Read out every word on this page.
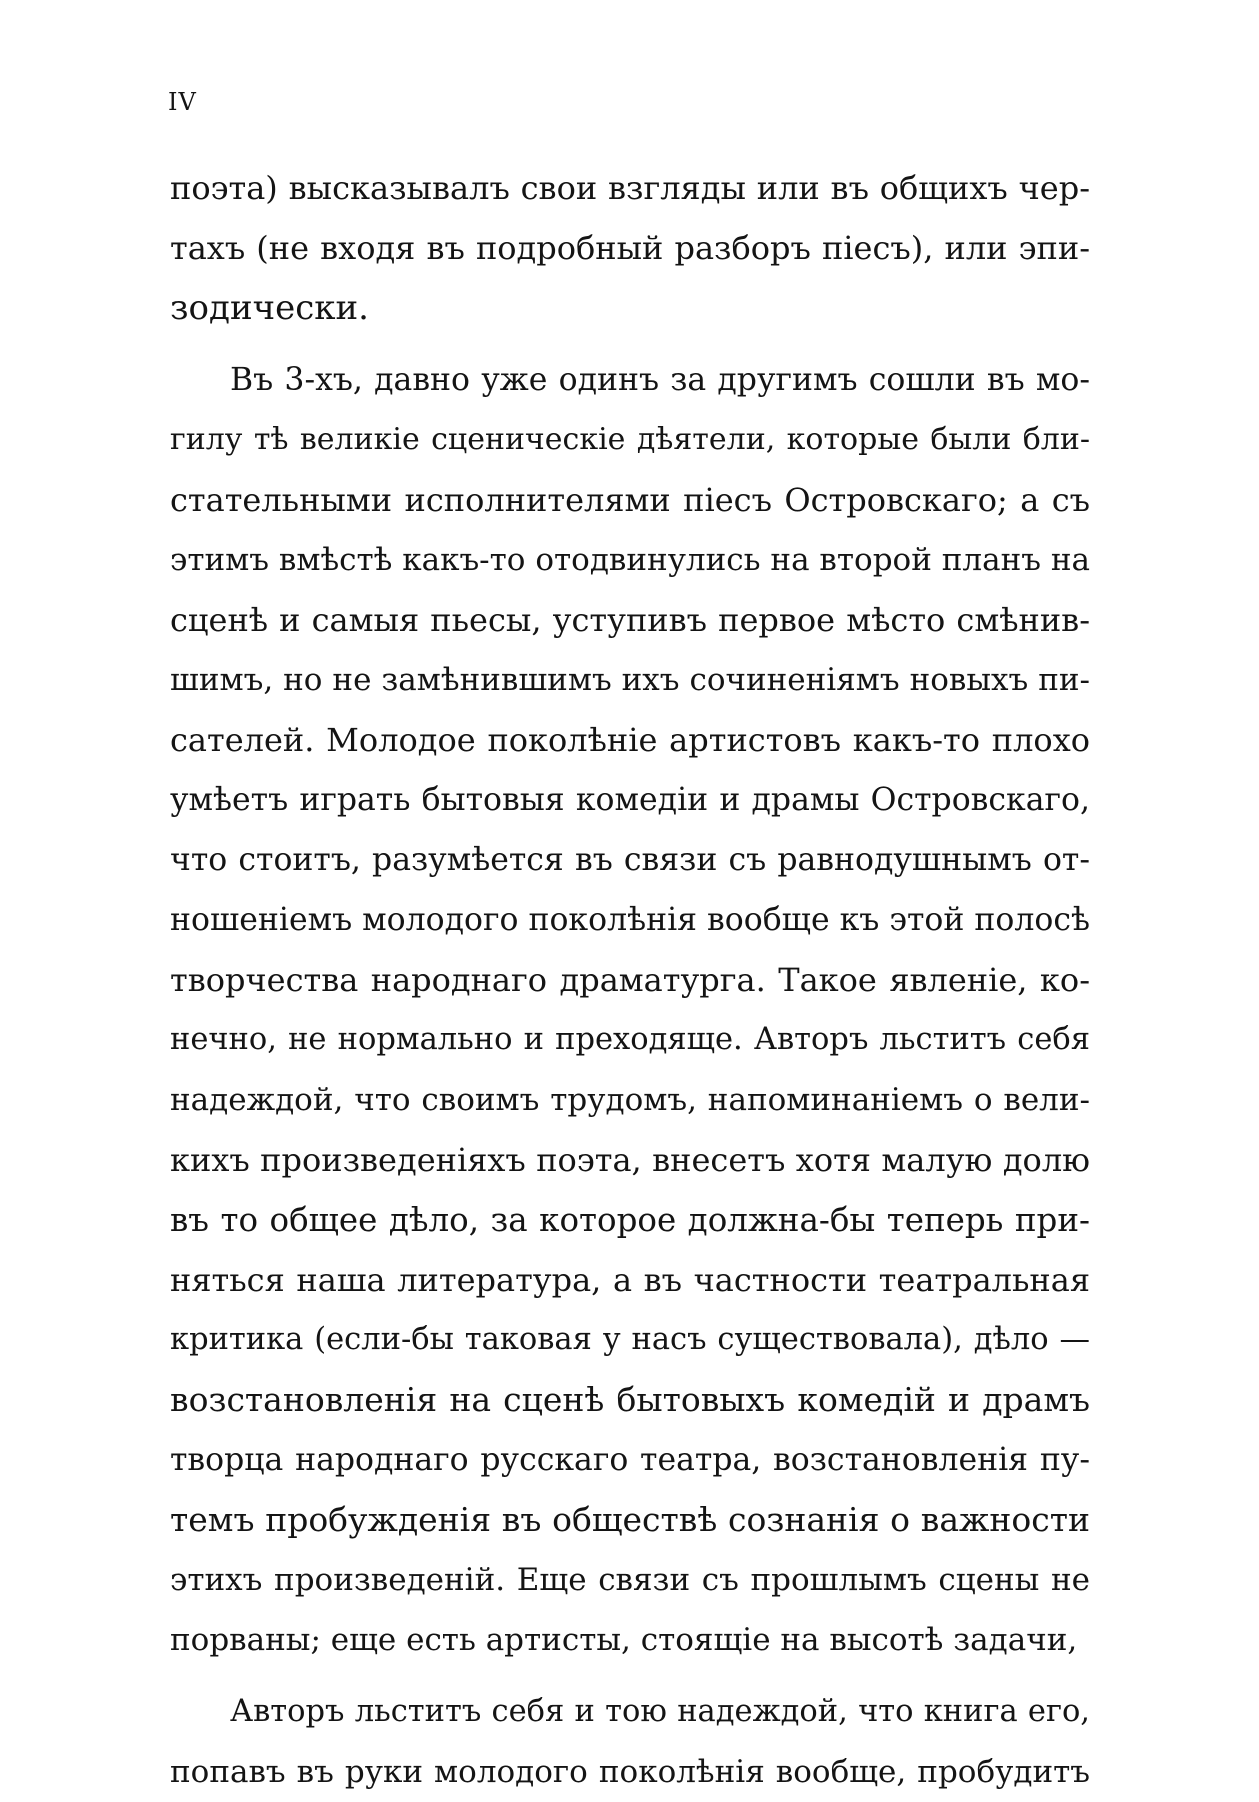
IV
поэта) высказывалъ свои взгляды или въ общихъ чер-
тахъ (не входя въ подробный разборъ пiесъ), или эпи-
зодически.
Въ 3-хъ, давно уже одинъ за другимъ сошли въ мо-
гилу тѣ великiе сценическiе дѣятели, которые были бли-
стательными исполнителями пiесъ Островскаго; а съ
этимъ вмѣстѣ какъ-то отодвинулись на второй планъ на
сценѣ и самыя пьесы, уступивъ первое мѣсто смѣнив-
шимъ, но не замѣнившимъ ихъ сочиненiямъ новыхъ пи-
сателей. Молодое поколѣнiе артистовъ какъ-то плохо
умѣетъ играть бытовыя комедiи и драмы Островскаго,
что стоитъ, разумѣется въ связи съ равнодушнымъ от-
ношенiемъ молодого поколѣнiя вообще къ этой полосѣ
творчества народнаго драматурга. Такое явленiе, ко-
нечно, не нормально и преходяще. Авторъ льститъ себя
надеждой, что своимъ трудомъ, напоминанiемъ о вели-
кихъ произведенiяхъ поэта, внесетъ хотя малую долю
въ то общее дѣло, за которое должна-бы теперь при-
няться наша литература, а въ частности театральная
критика (если-бы таковая у насъ существовала), дѣло —
возстановленiя на сценѣ бытовыхъ комедiй и драмъ
творца народнаго русскаго театра, возстановленiя пу-
темъ пробужденiя въ обществѣ сознанiя о важности
этихъ произведенiй. Еще связи съ прошлымъ сцены не
порваны; еще есть артисты, стоящiе на высотѣ задачи,
Авторъ льститъ себя и тою надеждой, что книга его,
попавъ въ руки молодого поколѣнiя вообще, пробудитъ
